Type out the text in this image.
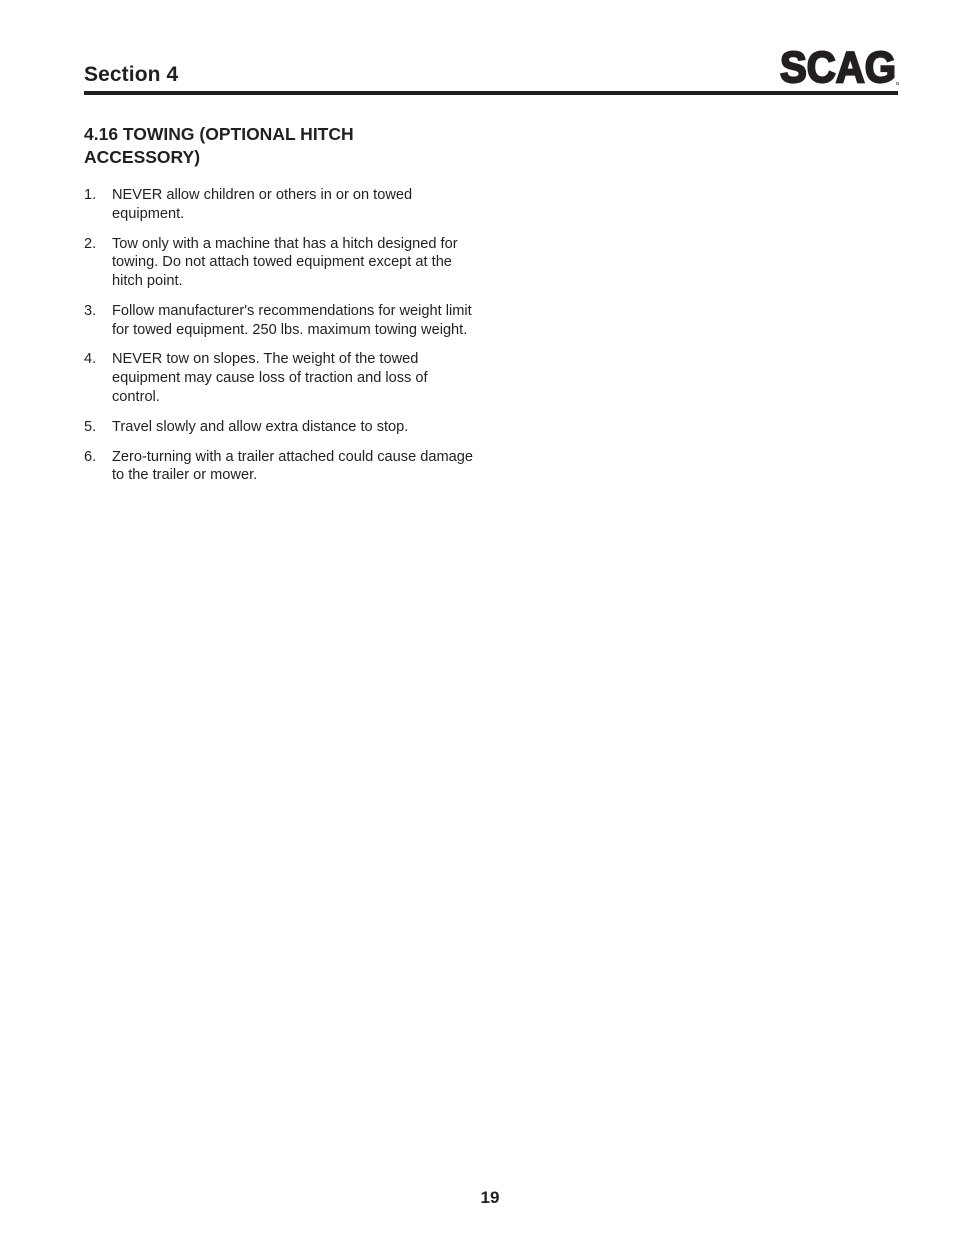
Section 4	SCAG
4.16 TOWING (OPTIONAL HITCH ACCESSORY)
1. NEVER allow children or others in or on towed equipment.
2. Tow only with a machine that has a hitch designed for towing. Do not attach towed equipment except at the hitch point.
3. Follow manufacturer's recommendations for weight limit for towed equipment. 250 lbs. maximum towing weight.
4. NEVER tow on slopes. The weight of the towed equipment may cause loss of traction and loss of control.
5. Travel slowly and allow extra distance to stop.
6. Zero-turning with a trailer attached could cause damage to the trailer or mower.
19
